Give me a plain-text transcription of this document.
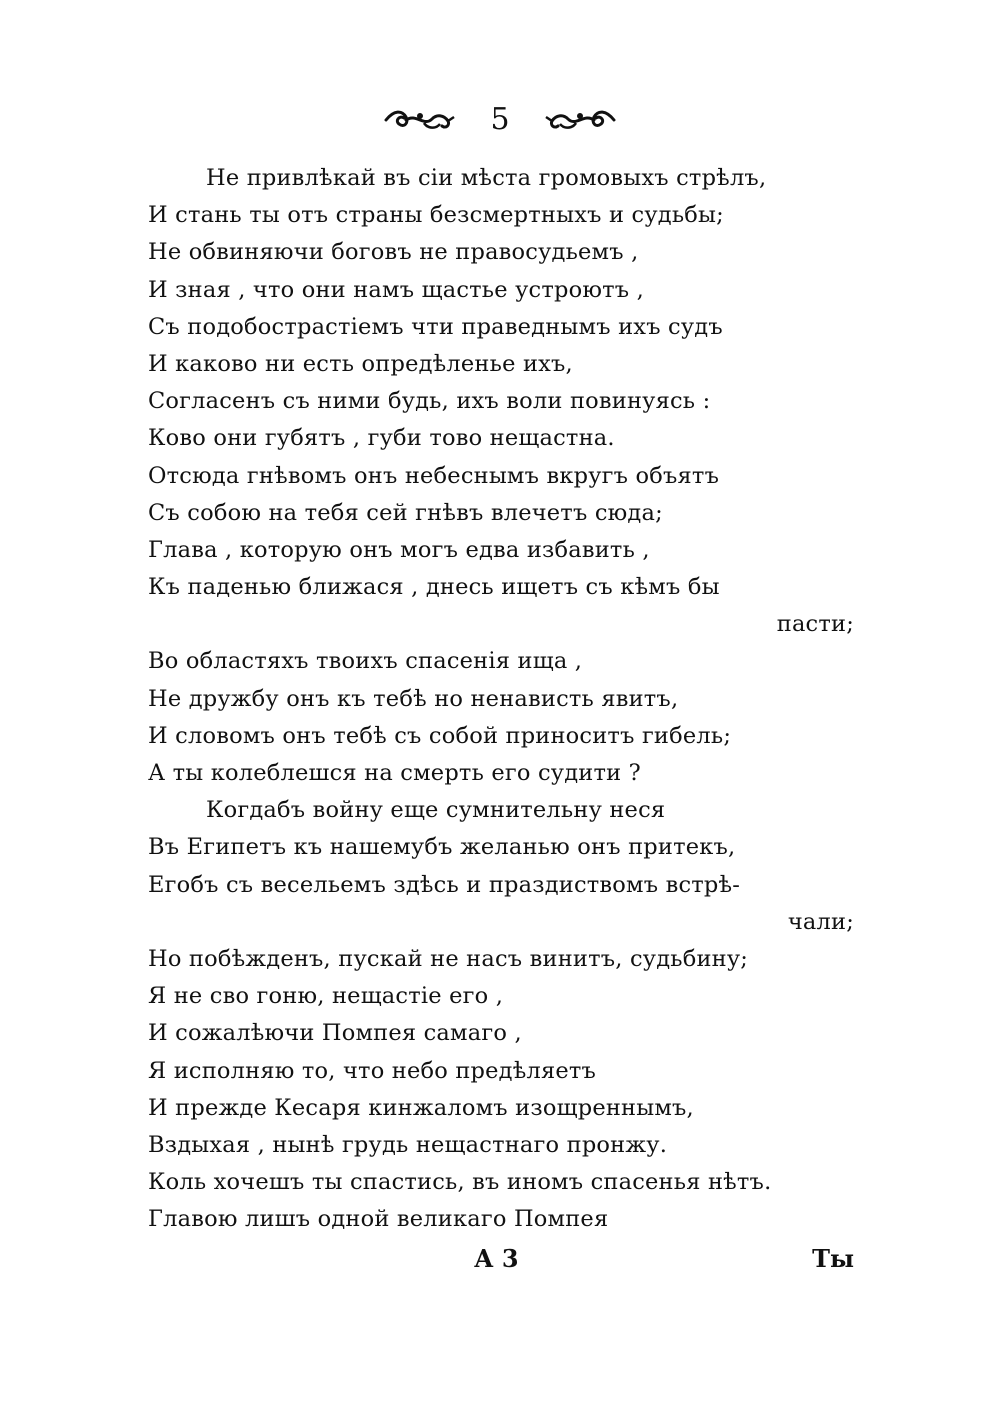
5
Не привлѣкай въ сіи мѣста громовыхъ стрѣлъ,
И стань ты отъ страны безсмертныхъ и судьбы;
Не обвиняючи боговъ не правосудьемъ ,
И зная , что они намъ щастье устроютъ ,
Съ подобострастіемъ чти праведнымъ ихъ судъ
И каково ни есть опредѣленье ихъ,
Согласенъ съ ними будь, ихъ воли повинуясь :
Ково они губятъ , губи тово нещастна.
Отсюда гнѣвомъ онъ небеснымъ вкругъ объятъ
Съ собою на тебя сей гнѣвъ влечетъ сюда;
Глава , которую онъ могъ едва избавить ,
Къ паденью ближася , днесь ищетъ съ кѣмъ бы
пасти;
Во областяхъ твоихъ спасенія ища ,
Не дружбу онъ къ тебѣ но ненависть явитъ,
И словомъ онъ тебѣ съ собой приноситъ гибель;
А ты колеблешся на смерть его судити ?
Когдабъ войну еще сумнительну неся
Въ Египетъ къ нашемубъ желанью онъ притекъ,
Егобъ съ весельемъ здѣсь и праздиствомъ встрѣ-
чали;
Но побѣжденъ, пускай не насъ винитъ, судьбину;
Я не сво гоню, нещастіе его ,
И сожалѣючи Помпея самаго ,
Я исполняю то, что небо предѣляетъ
И прежде Кесаря кинжаломъ изощреннымъ,
Вздыхая , нынѣ грудь нещастнаго пронжу.
Коль хочешъ ты спастись, въ иномъ спасенья нѣтъ.
Главою лишъ одной великаго Помпея
А 3	Ты
